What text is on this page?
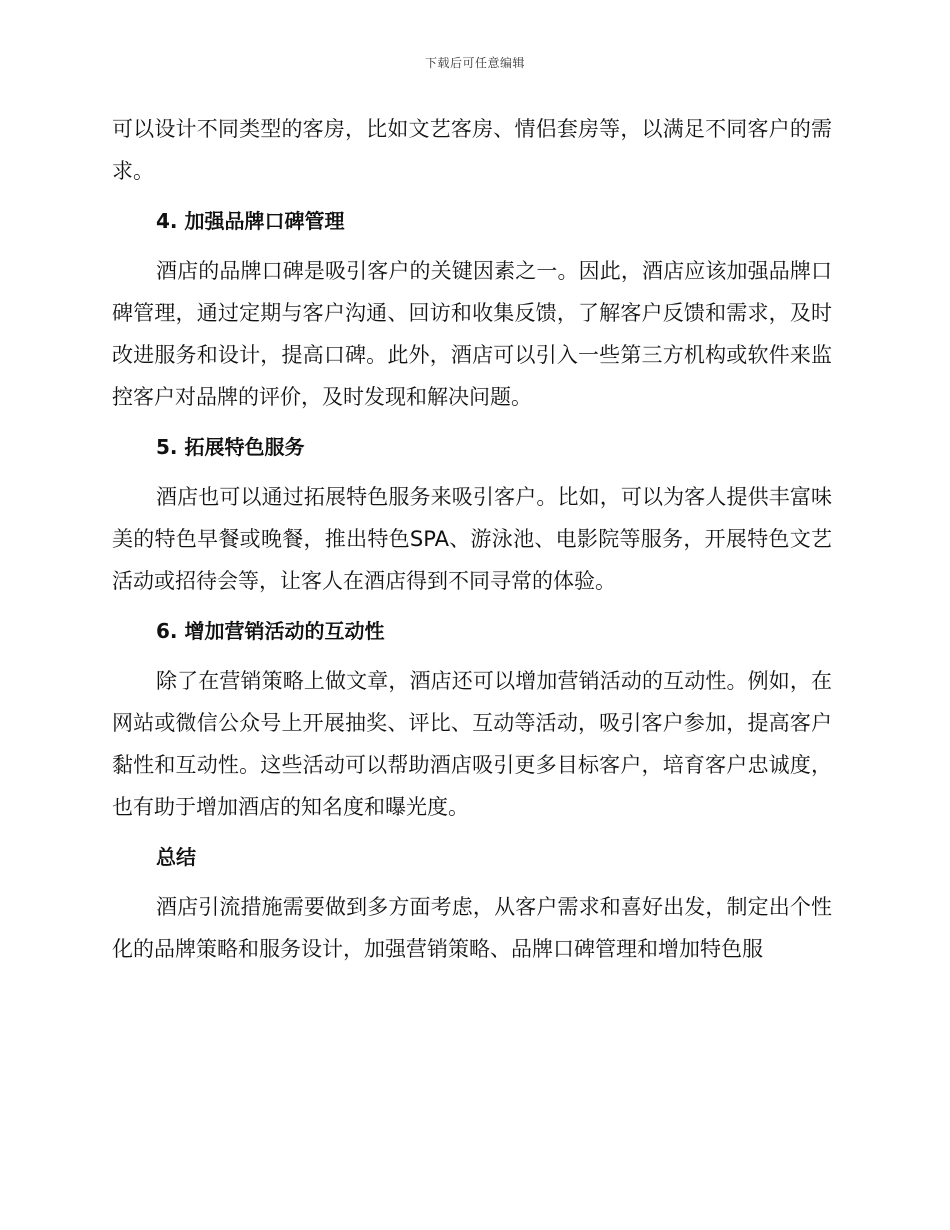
下载后可任意编辑

可以设计不同类型的客房，比如文艺客房、情侣套房等，以满足不同客户的需求。

4. 加强品牌口碑管理

酒店的品牌口碑是吸引客户的关键因素之一。因此，酒店应该加强品牌口碑管理，通过定期与客户沟通、回访和收集反馈，了解客户反馈和需求，及时改进服务和设计，提高口碑。此外，酒店可以引入一些第三方机构或软件来监控客户对品牌的评价，及时发现和解决问题。

5. 拓展特色服务

酒店也可以通过拓展特色服务来吸引客户。比如，可以为客人提供丰富味美的特色早餐或晚餐，推出特色SPA、游泳池、电影院等服务，开展特色文艺活动或招待会等，让客人在酒店得到不同寻常的体验。

6. 增加营销活动的互动性

除了在营销策略上做文章，酒店还可以增加营销活动的互动性。例如，在网站或微信公众号上开展抽奖、评比、互动等活动，吸引客户参加，提高客户黏性和互动性。这些活动可以帮助酒店吸引更多目标客户，培育客户忠诚度，也有助于增加酒店的知名度和曝光度。

总结

酒店引流措施需要做到多方面考虑，从客户需求和喜好出发，制定出个性化的品牌策略和服务设计，加强营销策略、品牌口碑管理和增加特色服
